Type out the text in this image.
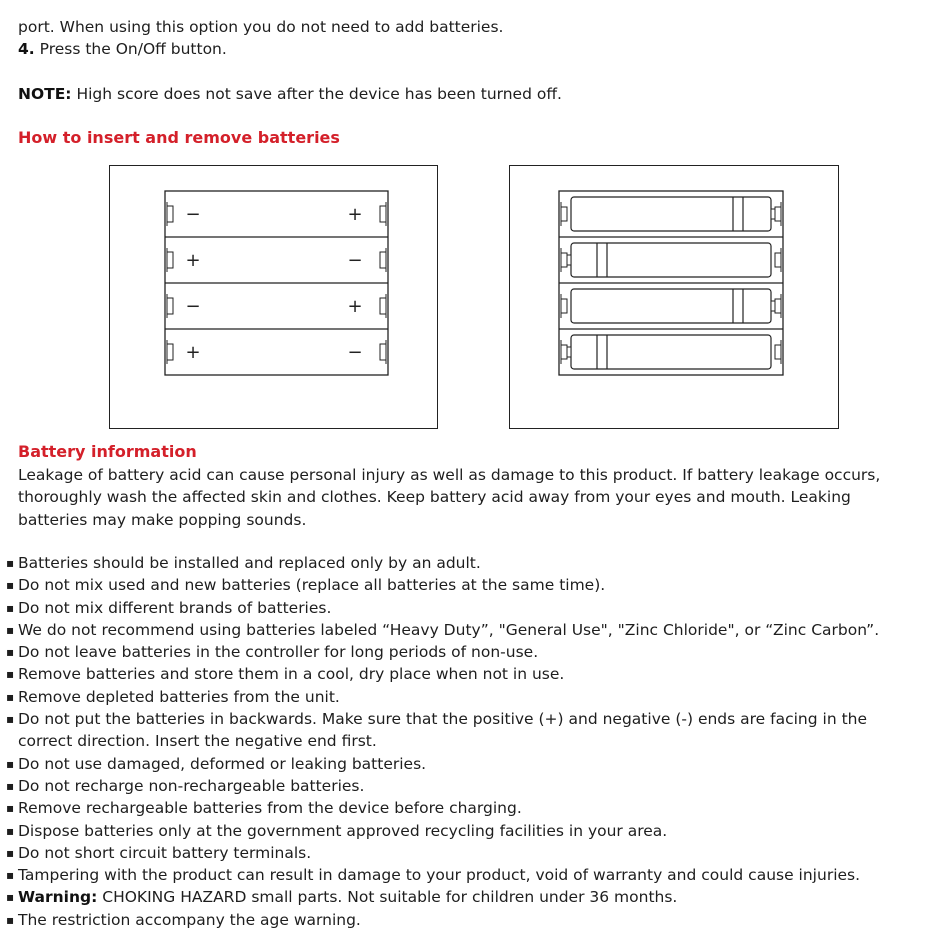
port. When using this option you do not need to add batteries.
4. Press the On/Off button.
NOTE: High score does not save after the device has been turned off.
How to insert and remove batteries
−	+
+	−
−	+
+	−
Battery information
Leakage of battery acid can cause personal injury as well as damage to this product. If battery leakage occurs, thoroughly wash the affected skin and clothes. Keep battery acid away from your eyes and mouth. Leaking batteries may make popping sounds.
▪ Batteries should be installed and replaced only by an adult.
▪ Do not mix used and new batteries (replace all batteries at the same time).
▪ Do not mix different brands of batteries.
▪ We do not recommend using batteries labeled “Heavy Duty”, "General Use", "Zinc Chloride", or “Zinc Carbon”.
▪ Do not leave batteries in the controller for long periods of non-use.
▪ Remove batteries and store them in a cool, dry place when not in use.
▪ Remove depleted batteries from the unit.
▪ Do not put the batteries in backwards. Make sure that the positive (+) and negative (-) ends are facing in the correct direction. Insert the negative end first.
▪ Do not use damaged, deformed or leaking batteries.
▪ Do not recharge non-rechargeable batteries.
▪ Remove rechargeable batteries from the device before charging.
▪ Dispose batteries only at the government approved recycling facilities in your area.
▪ Do not short circuit battery terminals.
▪ Tampering with the product can result in damage to your product, void of warranty and could cause injuries.
▪ Warning: CHOKING HAZARD small parts. Not suitable for children under 36 months.
▪ The restriction accompany the age warning.
